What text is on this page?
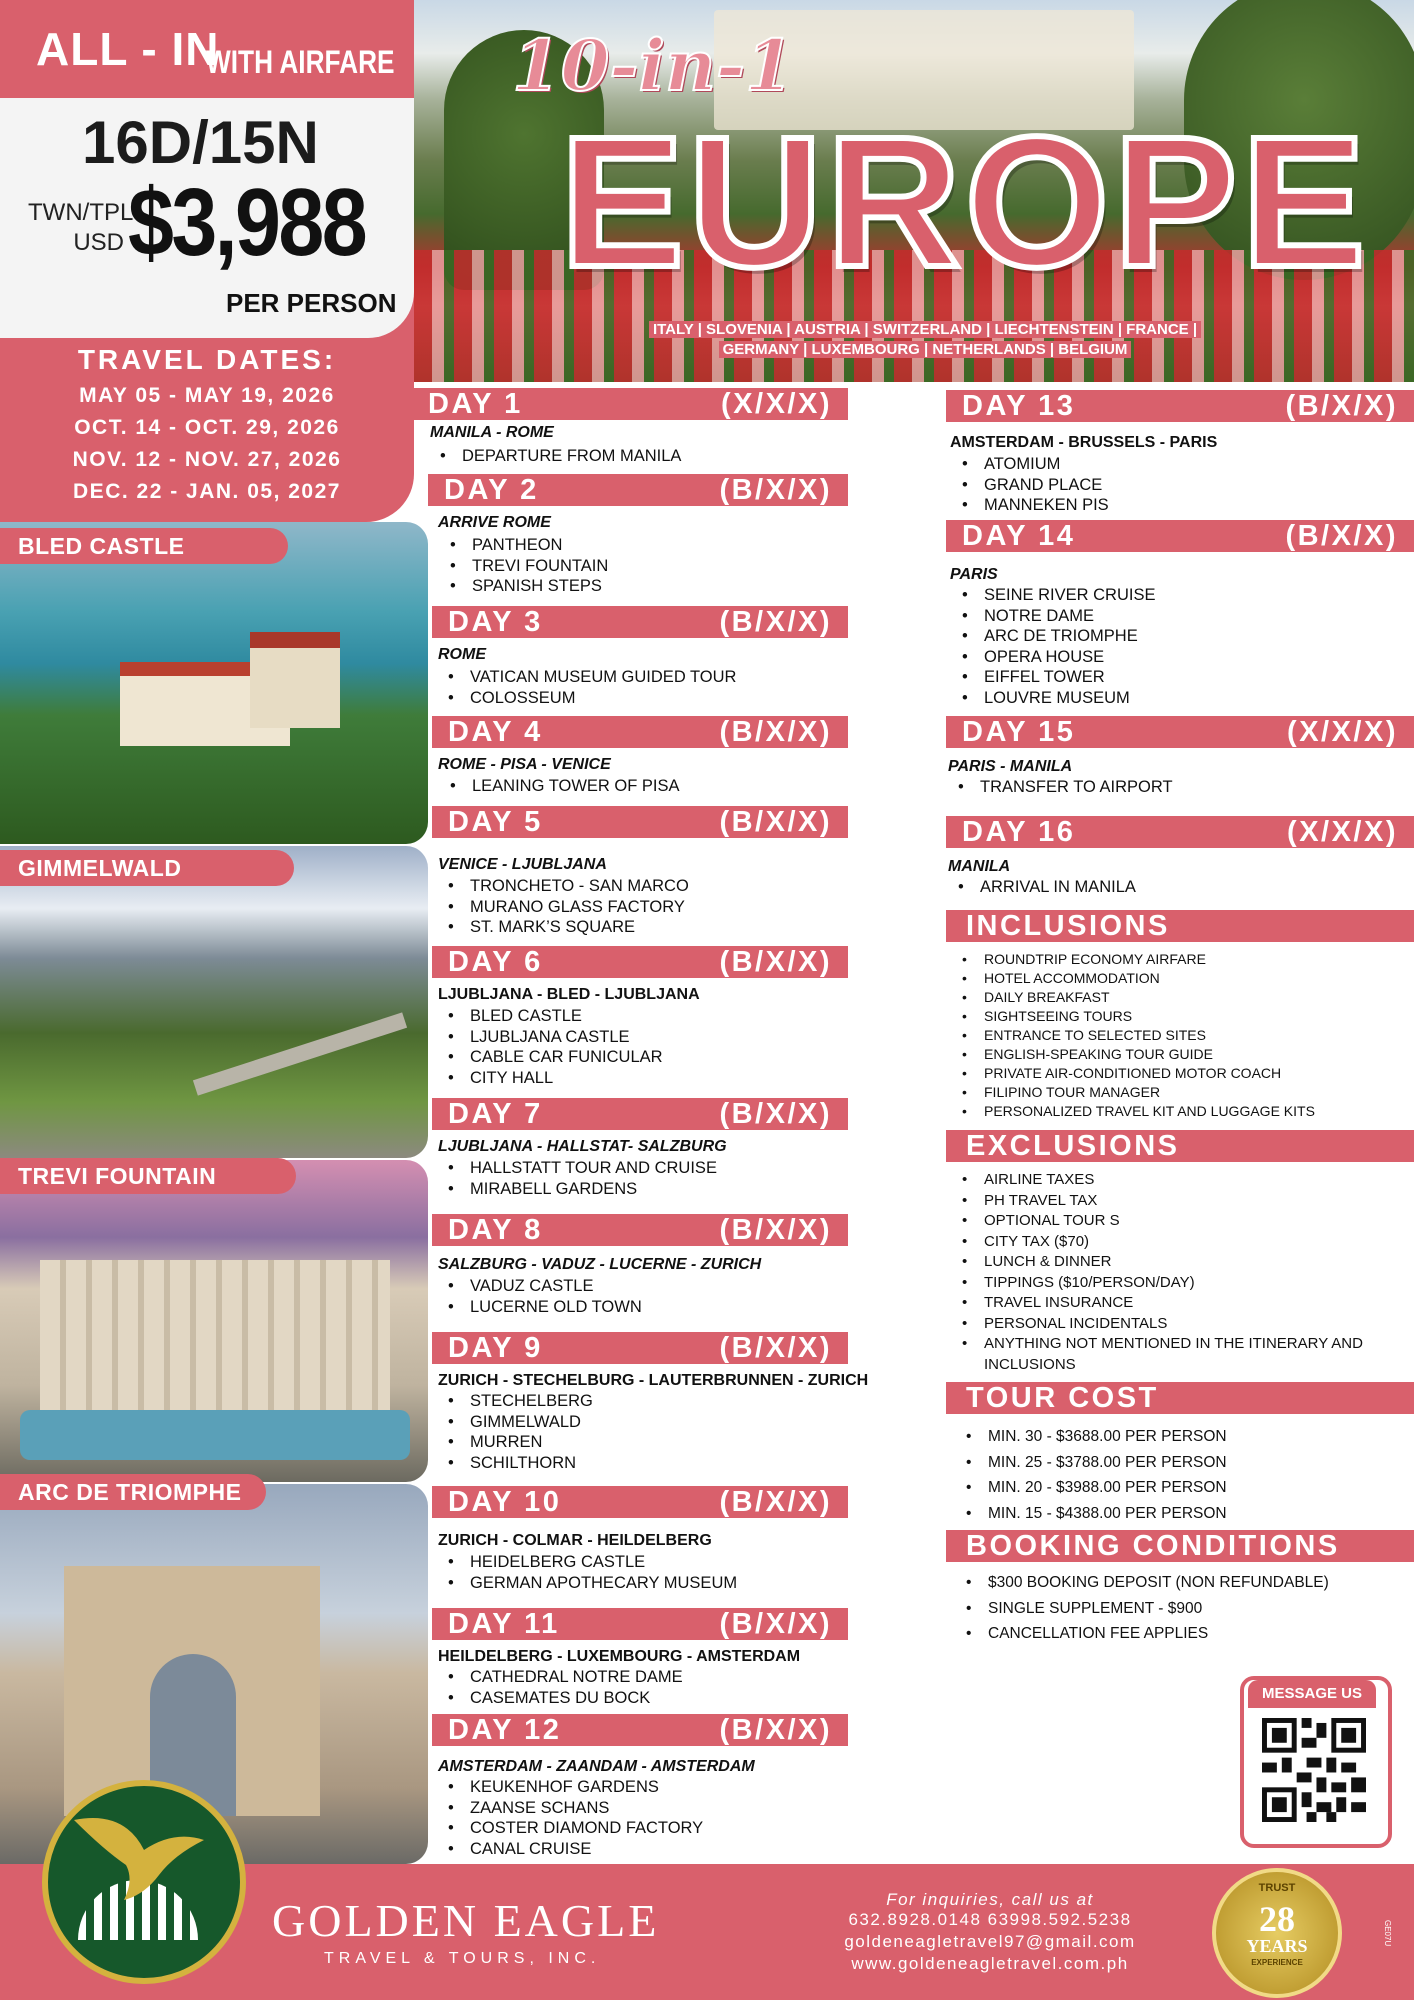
ALL - IN
WITH AIRFARE
16D/15N
TWN/TPL
USD $3,988
PER PERSON
TRAVEL DATES:
MAY 05 - MAY 19, 2026
OCT. 14 - OCT. 29, 2026
NOV. 12 - NOV. 27, 2026
DEC. 22 - JAN. 05, 2027
10-in-1
EUROPE
ITALY | SLOVENIA | AUSTRIA | SWITZERLAND | LIECHTENSTEIN | FRANCE |
GERMANY | LUXEMBOURG | NETHERLANDS | BELGIUM
BLED CASTLE
GIMMELWALD
TREVI FOUNTAIN
ARC DE TRIOMPHE
DAY 1	(X/X/X)
MANILA - ROME
• DEPARTURE FROM MANILA
DAY 2	(B/X/X)
ARRIVE ROME
• PANTHEON
• TREVI FOUNTAIN
• SPANISH STEPS
DAY 3	(B/X/X)
ROME
• VATICAN MUSEUM GUIDED TOUR
• COLOSSEUM
DAY 4	(B/X/X)
ROME - PISA - VENICE
• LEANING TOWER OF PISA
DAY 5	(B/X/X)
VENICE - LJUBLJANA
• TRONCHETO - SAN MARCO
• MURANO GLASS FACTORY
• ST. MARK’S SQUARE
DAY 6	(B/X/X)
LJUBLJANA - BLED - LJUBLJANA
• BLED CASTLE
• LJUBLJANA CASTLE
• CABLE CAR FUNICULAR
• CITY HALL
DAY 7	(B/X/X)
LJUBLJANA - HALLSTAT- SALZBURG
• HALLSTATT TOUR AND CRUISE
• MIRABELL GARDENS
DAY 8	(B/X/X)
SALZBURG - VADUZ - LUCERNE - ZURICH
• VADUZ CASTLE
• LUCERNE OLD TOWN
DAY 9	(B/X/X)
ZURICH - STECHELBURG - LAUTERBRUNNEN - ZURICH
• STECHELBERG
• GIMMELWALD
• MURREN
• SCHILTHORN
DAY 10	(B/X/X)
ZURICH - COLMAR - HEILDELBERG
• HEIDELBERG CASTLE
• GERMAN APOTHECARY MUSEUM
DAY 11	(B/X/X)
HEILDELBERG - LUXEMBOURG - AMSTERDAM
• CATHEDRAL NOTRE DAME
• CASEMATES DU BOCK
DAY 12	(B/X/X)
AMSTERDAM - ZAANDAM - AMSTERDAM
• KEUKENHOF GARDENS
• ZAANSE SCHANS
• COSTER DIAMOND FACTORY
• CANAL CRUISE
DAY 13	(B/X/X)
AMSTERDAM - BRUSSELS - PARIS
• ATOMIUM
• GRAND PLACE
• MANNEKEN PIS
DAY 14	(B/X/X)
PARIS
• SEINE RIVER CRUISE
• NOTRE DAME
• ARC DE TRIOMPHE
• OPERA HOUSE
• EIFFEL TOWER
• LOUVRE MUSEUM
DAY 15	(X/X/X)
PARIS - MANILA
• TRANSFER TO AIRPORT
DAY 16	(X/X/X)
MANILA
• ARRIVAL IN MANILA
INCLUSIONS
• ROUNDTRIP ECONOMY AIRFARE
• HOTEL ACCOMMODATION
• DAILY BREAKFAST
• SIGHTSEEING TOURS
• ENTRANCE TO SELECTED SITES
• ENGLISH-SPEAKING TOUR GUIDE
• PRIVATE AIR-CONDITIONED MOTOR COACH
• FILIPINO TOUR MANAGER
• PERSONALIZED TRAVEL KIT AND LUGGAGE KITS
EXCLUSIONS
• AIRLINE TAXES
• PH TRAVEL TAX
• OPTIONAL TOUR S
• CITY TAX ($70)
• LUNCH & DINNER
• TIPPINGS ($10/PERSON/DAY)
• TRAVEL INSURANCE
• PERSONAL INCIDENTALS
• ANYTHING NOT MENTIONED IN THE ITINERARY AND INCLUSIONS
TOUR COST
• MIN. 30 - $3688.00 PER PERSON
• MIN. 25 - $3788.00 PER PERSON
• MIN. 20 - $3988.00 PER PERSON
• MIN. 15 - $4388.00 PER PERSON
BOOKING CONDITIONS
• $300 BOOKING DEPOSIT (NON REFUNDABLE)
• SINGLE SUPPLEMENT - $900
• CANCELLATION FEE APPLIES
MESSAGE US
GOLDEN EAGLE
TRAVEL & TOURS, INC.
For inquiries, call us at
632.8928.0148 63998.592.5238
goldeneagletravel97@gmail.com
www.goldeneagletravel.com.ph
TRUST
28
YEARS
EXPERIENCE
GE07U
